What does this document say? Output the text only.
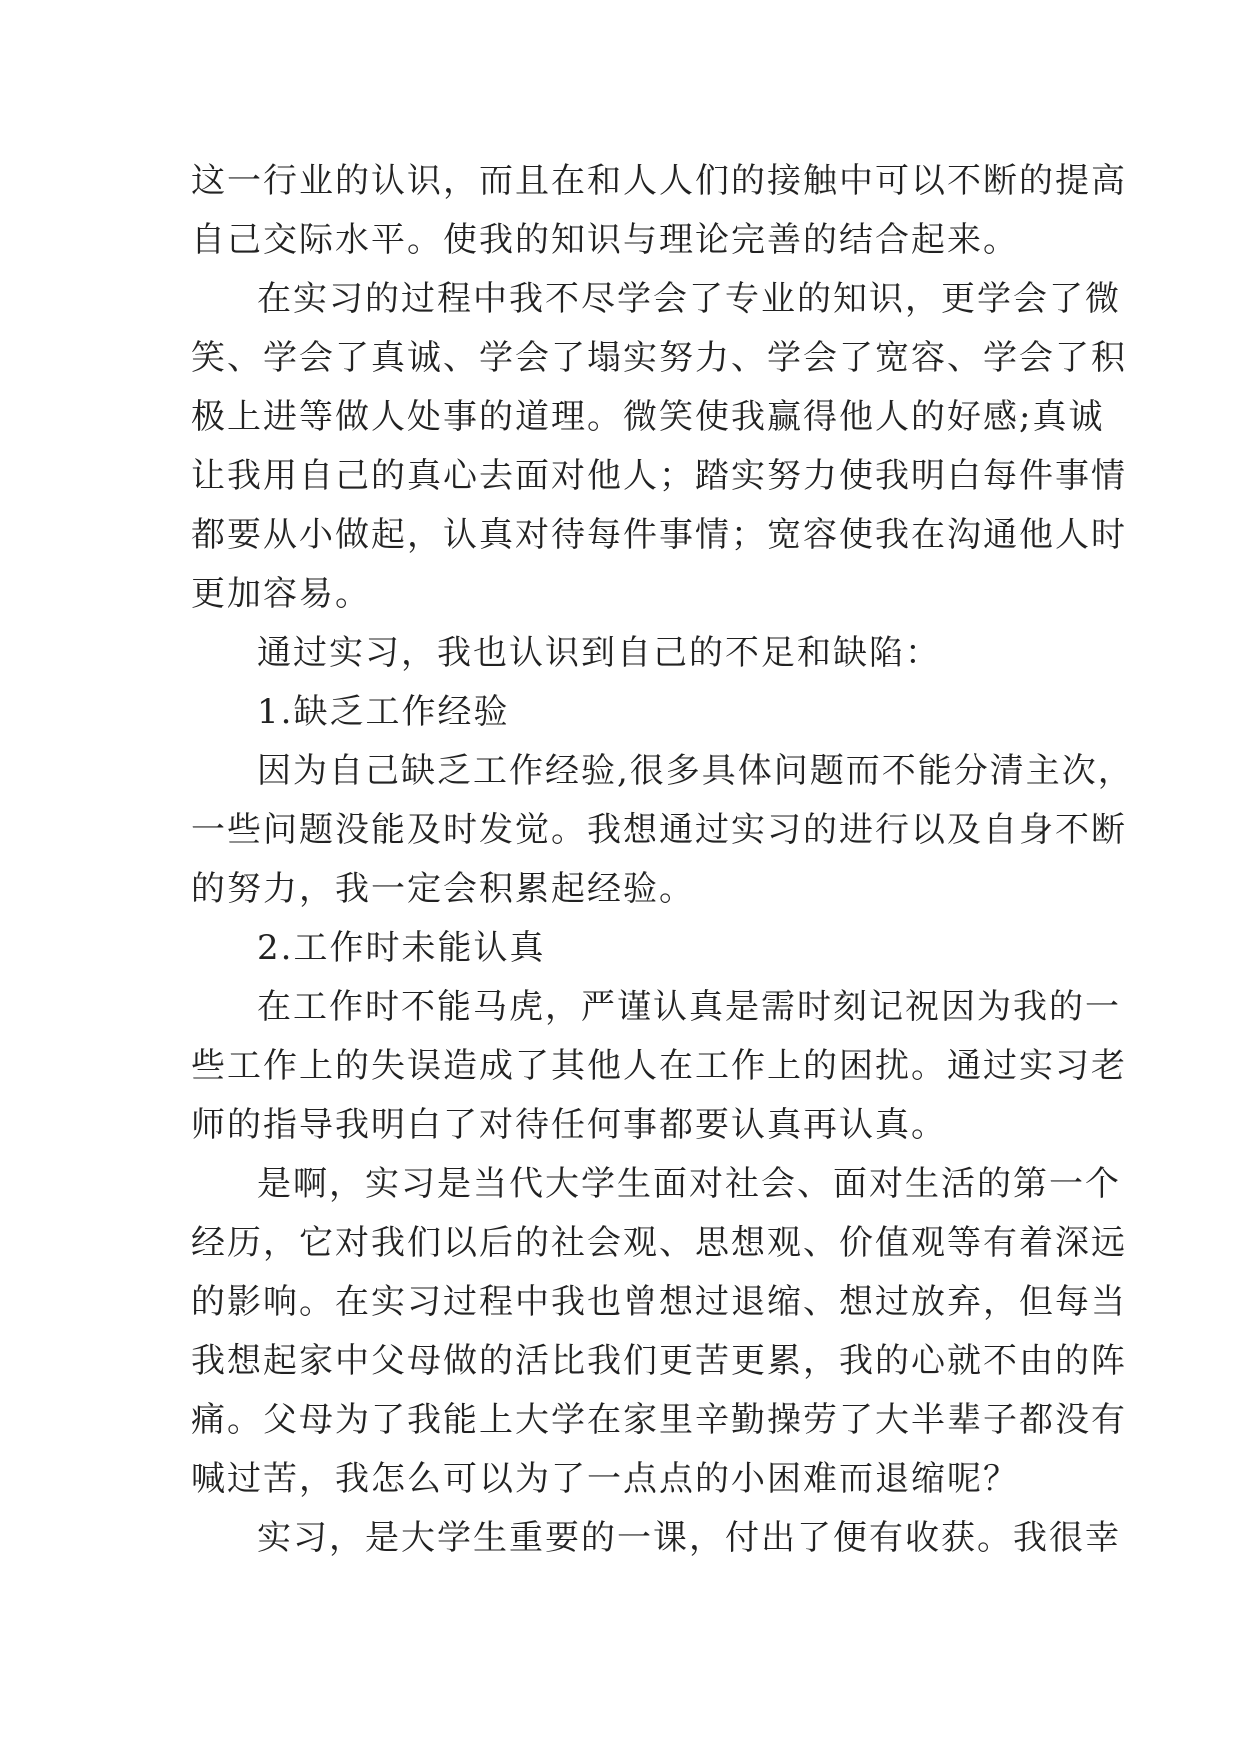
这一行业的认识，而且在和人人们的接触中可以不断的提高
自己交际水平。使我的知识与理论完善的结合起来。
在实习的过程中我不尽学会了专业的知识，更学会了微
笑、学会了真诚、学会了塌实努力、学会了宽容、学会了积
极上进等做人处事的道理。微笑使我赢得他人的好感;真诚
让我用自己的真心去面对他人；踏实努力使我明白每件事情
都要从小做起，认真对待每件事情；宽容使我在沟通他人时
更加容易。
通过实习，我也认识到自己的不足和缺陷：
1.缺乏工作经验
因为自己缺乏工作经验,很多具体问题而不能分清主次，
一些问题没能及时发觉。我想通过实习的进行以及自身不断
的努力，我一定会积累起经验。
2.工作时未能认真
在工作时不能马虎，严谨认真是需时刻记祝因为我的一
些工作上的失误造成了其他人在工作上的困扰。通过实习老
师的指导我明白了对待任何事都要认真再认真。
是啊，实习是当代大学生面对社会、面对生活的第一个
经历，它对我们以后的社会观、思想观、价值观等有着深远
的影响。在实习过程中我也曾想过退缩、想过放弃，但每当
我想起家中父母做的活比我们更苦更累，我的心就不由的阵
痛。父母为了我能上大学在家里辛勤操劳了大半辈子都没有
喊过苦，我怎么可以为了一点点的小困难而退缩呢？
实习，是大学生重要的一课，付出了便有收获。我很幸
